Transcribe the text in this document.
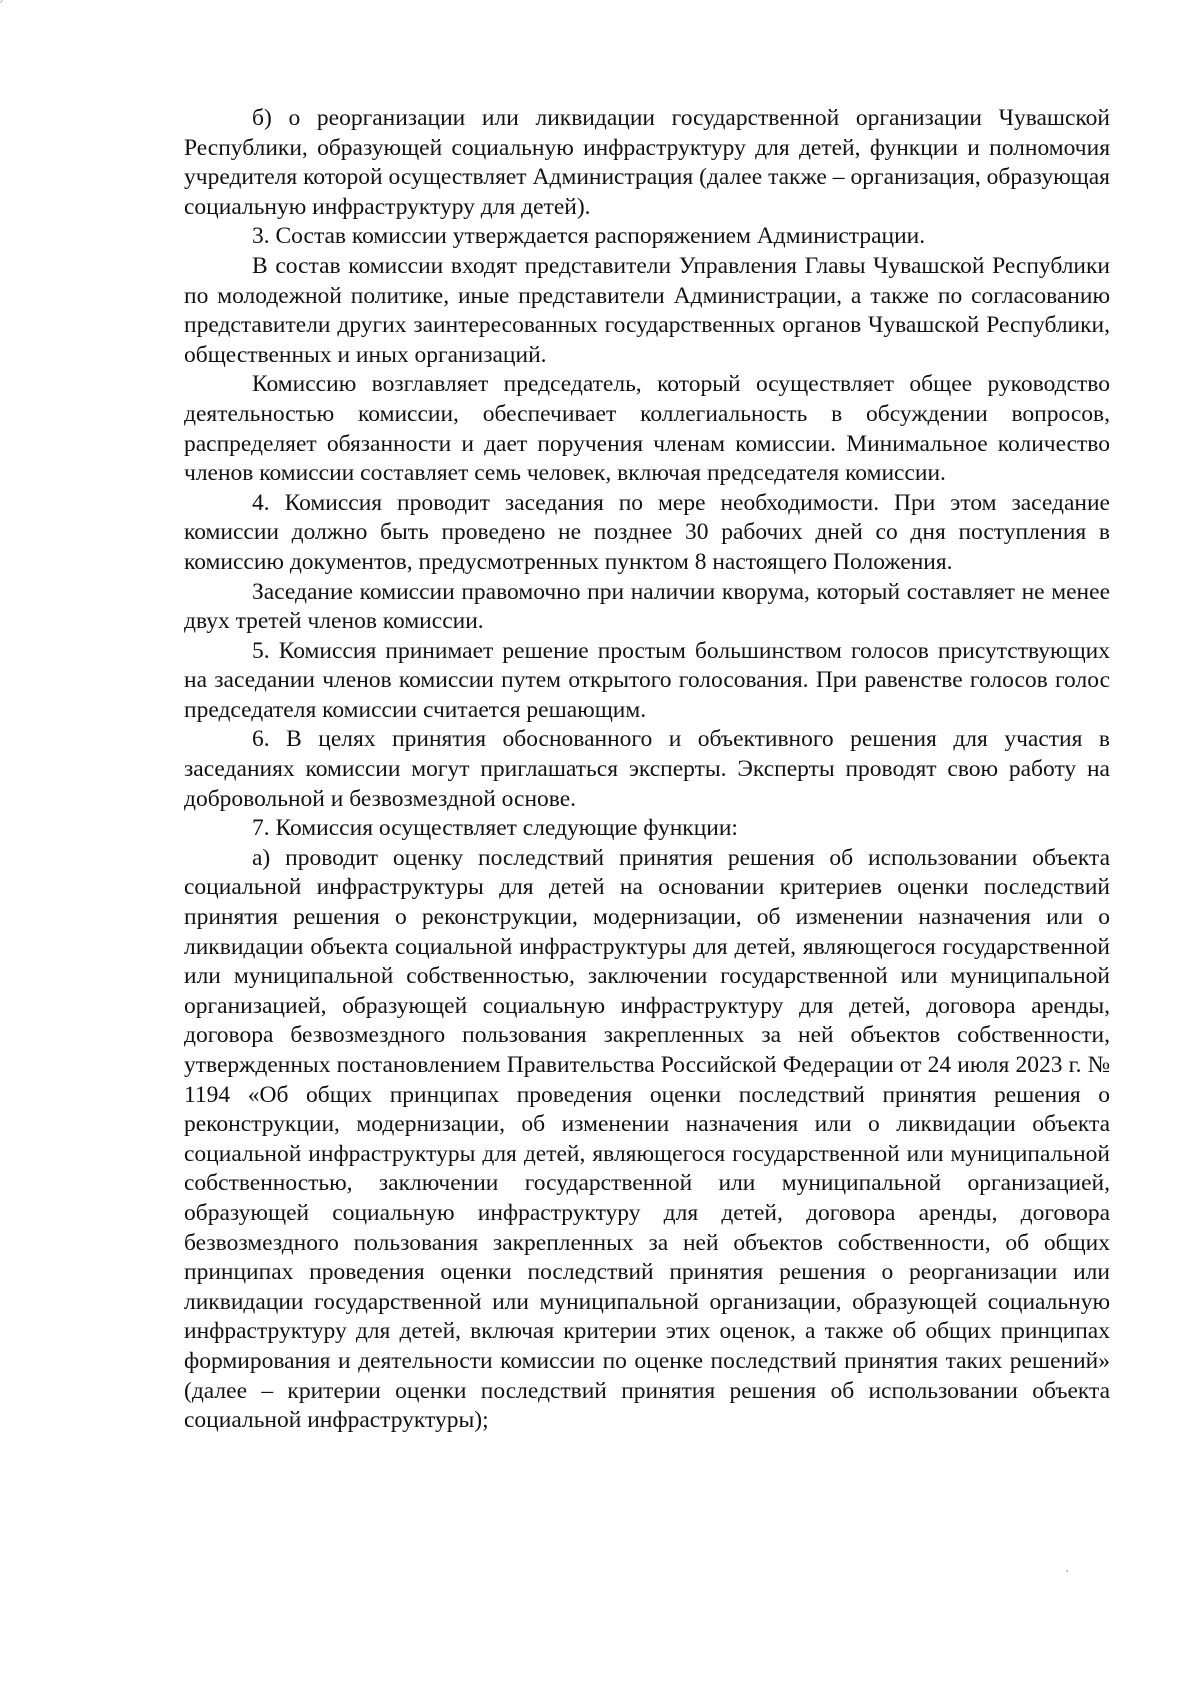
б) о реорганизации или ликвидации государственной организации Чувашской Республики, образующей социальную инфраструктуру для детей, функции и полномочия учредителя которой осуществляет Администрация (далее также – организация, образующая социальную инфраструктуру для детей).

3. Состав комиссии утверждается распоряжением Администрации.

В состав комиссии входят представители Управления Главы Чувашской Республики по молодежной политике, иные представители Администрации, а также по согласованию представители других заинтересованных государственных органов Чувашской Республики, общественных и иных организаций.

Комиссию возглавляет председатель, который осуществляет общее руководство деятельностью комиссии, обеспечивает коллегиальность в обсуждении вопросов, распределяет обязанности и дает поручения членам комиссии. Минимальное количество членов комиссии составляет семь человек, включая председателя комиссии.

4. Комиссия проводит заседания по мере необходимости. При этом заседание комиссии должно быть проведено не позднее 30 рабочих дней со дня поступления в комиссию документов, предусмотренных пунктом 8 настоящего Положения.

Заседание комиссии правомочно при наличии кворума, который составляет не менее двух третей членов комиссии.

5. Комиссия принимает решение простым большинством голосов присутствующих на заседании членов комиссии путем открытого голосования. При равенстве голосов голос председателя комиссии считается решающим.

6. В целях принятия обоснованного и объективного решения для участия в заседаниях комиссии могут приглашаться эксперты. Эксперты проводят свою работу на добровольной и безвозмездной основе.

7. Комиссия осуществляет следующие функции:

а) проводит оценку последствий принятия решения об использовании объекта социальной инфраструктуры для детей на основании критериев оценки последствий принятия решения о реконструкции, модернизации, об изменении назначения или о ликвидации объекта социальной инфраструктуры для детей, являющегося государственной или муниципальной собственностью, заключении государственной или муниципальной организацией, образующей социальную инфраструктуру для детей, договора аренды, договора безвозмездного пользования закрепленных за ней объектов собственности, утвержденных постановлением Правительства Российской Федерации от 24 июля 2023 г. № 1194 «Об общих принципах проведения оценки последствий принятия решения о реконструкции, модернизации, об изменении назначения или о ликвидации объекта социальной инфраструктуры для детей, являющегося государственной или муниципальной собственностью, заключении государственной или муниципальной организацией, образующей социальную инфраструктуру для детей, договора аренды, договора безвозмездного пользования закрепленных за ней объектов собственности, об общих принципах проведения оценки последствий принятия решения о реорганизации или ликвидации государственной или муниципальной организации, образующей социальную инфраструктуру для детей, включая критерии этих оценок, а также об общих принципах формирования и деятельности комиссии по оценке последствий принятия таких решений» (далее – критерии оценки последствий принятия решения об использовании объекта социальной инфраструктуры);

′
·
